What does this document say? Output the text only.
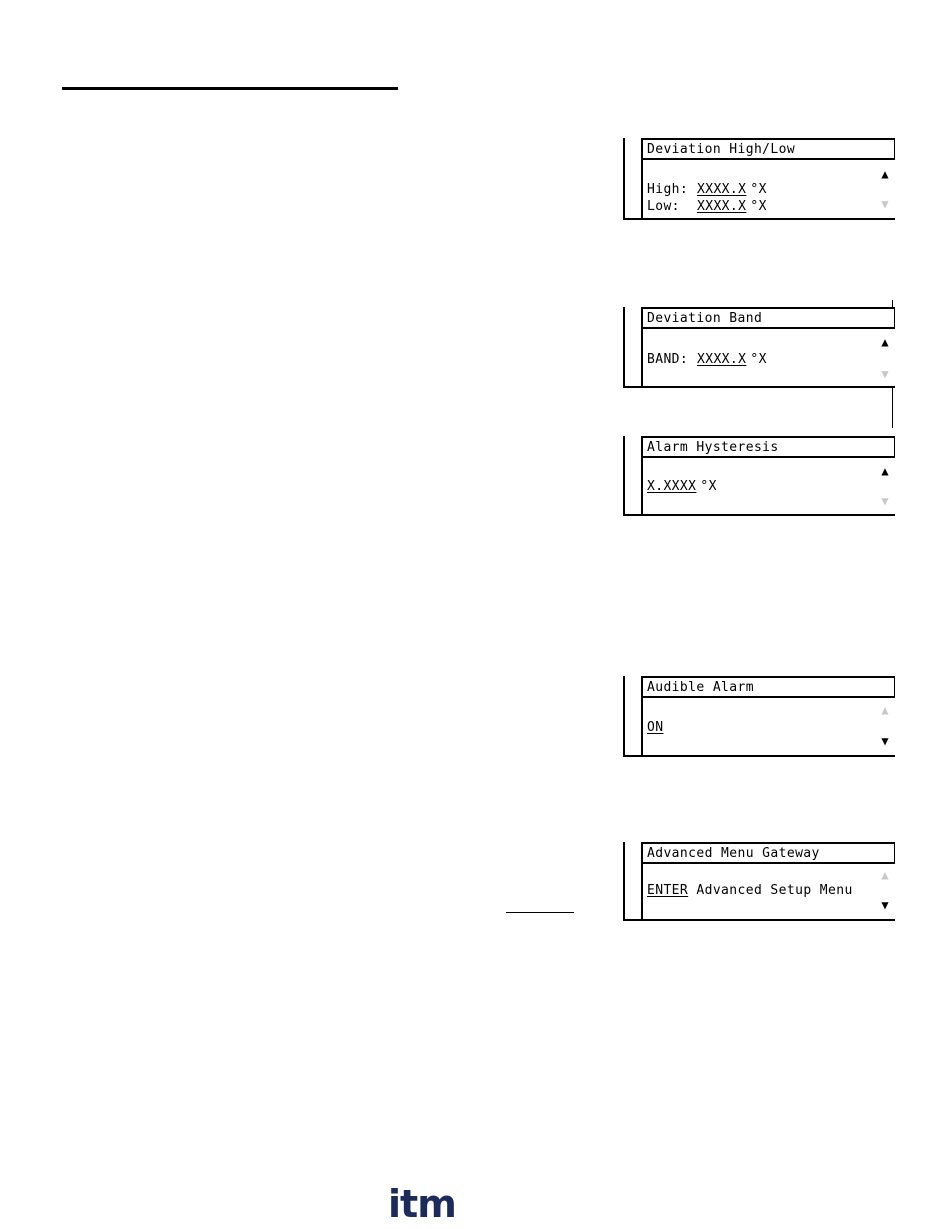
Deviation High/Low
▲
▼
High: XXXX.X °X
Low: XXXX.X °X
Deviation Band
▲
▼
BAND: XXXX.X °X
Alarm Hysteresis
▲
▼
X.XXXX °X
Audible Alarm
▲
▼
ON
Advanced Menu Gateway
▲
▼
ENTER Advanced Setup Menu
itm
